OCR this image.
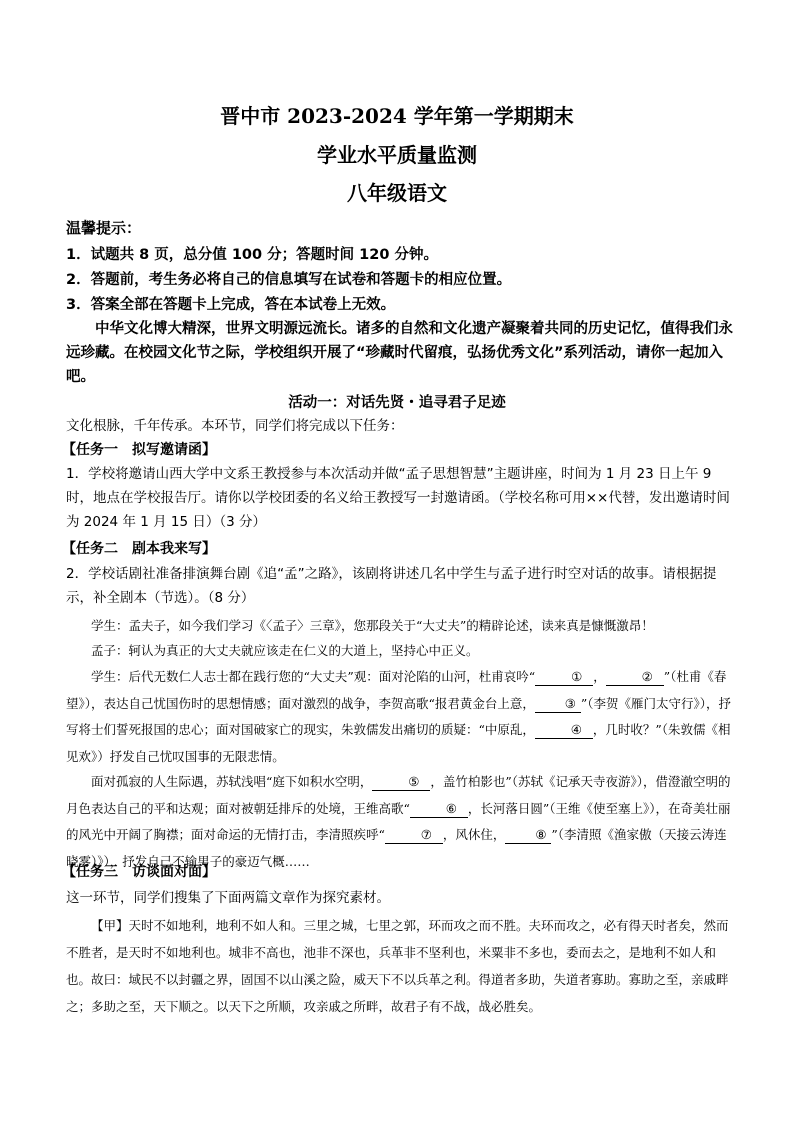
晋中市 2023-2024 学年第一学期期末
学业水平质量监测
八年级语文
温馨提示：
1．试题共 8 页，总分值 100 分；答题时间 120 分钟。
2．答题前，考生务必将自己的信息填写在试卷和答题卡的相应位置。
3．答案全部在答题卡上完成，答在本试卷上无效。
中华文化博大精深，世界文明源远流长。诸多的自然和文化遗产凝聚着共同的历史记忆，值得我们永远珍藏。在校园文化节之际，学校组织开展了“珍藏时代留痕，弘扬优秀文化”系列活动，请你一起加入吧。
活动一：对话先贤・追寻君子足迹
文化根脉，千年传承。本环节，同学们将完成以下任务：
【任务一　拟写邀请函】
1．学校将邀请山西大学中文系王教授参与本次活动并做“孟子思想智慧”主题讲座，时间为 1 月 23 日上午 9 时，地点在学校报告厅。请你以学校团委的名义给王教授写一封邀请函。（学校名称可用××代替，发出邀请时间为 2024 年 1 月 15 日）（3 分）
【任务二　剧本我来写】
2．学校话剧社准备排演舞台剧《追“孟”之路》，该剧将讲述几名中学生与孟子进行时空对话的故事。请根据提示，补全剧本（节选）。（8 分）
学生：孟夫子，如今我们学习《〈孟子〉三章》，您那段关于“大丈夫”的精辟论述，读来真是慷慨激昂！
孟子：轲认为真正的大丈夫就应该走在仁义的大道上，坚持心中正义。
学生：后代无数仁人志士都在践行您的“大丈夫”观：面对沦陷的山河，杜甫哀吟“	① ，	② ”（杜甫《春望》），表达自己忧国伤时的思想情感；面对激烈的战争，李贺高歌“报君黄金台上意， ③ ”（李贺《雁门太守行》），抒写将士们誓死报国的忠心；面对国破家亡的现实，朱敦儒发出痛切的质疑：“中原乱，	④ ，几时收？”（朱敦儒《相见欢》）抒发自己忧叹国事的无限悲情。
面对孤寂的人生际遇，苏轼浅唱“庭下如积水空明，	⑤ ，盖竹柏影也”（苏轼《记承天寺夜游》），借澄澈空明的月色表达自己的平和达观；面对被朝廷排斥的处境，王维高歌“	⑥ ，长河落日圆”（王维《使至塞上》），在奇美壮丽的风光中开阔了胸襟；面对命运的无情打击，李清照疾呼“	⑦ ，风休住， ⑧ ”（李清照《渔家傲（天接云涛连晓雾）》），抒发自己不输男子的豪迈气概……
【任务三　访谈面对面】
这一环节，同学们搜集了下面两篇文章作为探究素材。
【甲】天时不如地利，地利不如人和。三里之城，七里之郭，环而攻之而不胜。夫环而攻之，必有得天时者矣，然而不胜者，是天时不如地利也。城非不高也，池非不深也，兵革非不坚利也，米粟非不多也，委而去之，是地利不如人和也。故曰：域民不以封疆之界，固国不以山溪之险，威天下不以兵革之利。得道者多助，失道者寡助。寡助之至，亲戚畔之；多助之至，天下顺之。以天下之所顺，攻亲戚之所畔，故君子有不战，战必胜矣。
